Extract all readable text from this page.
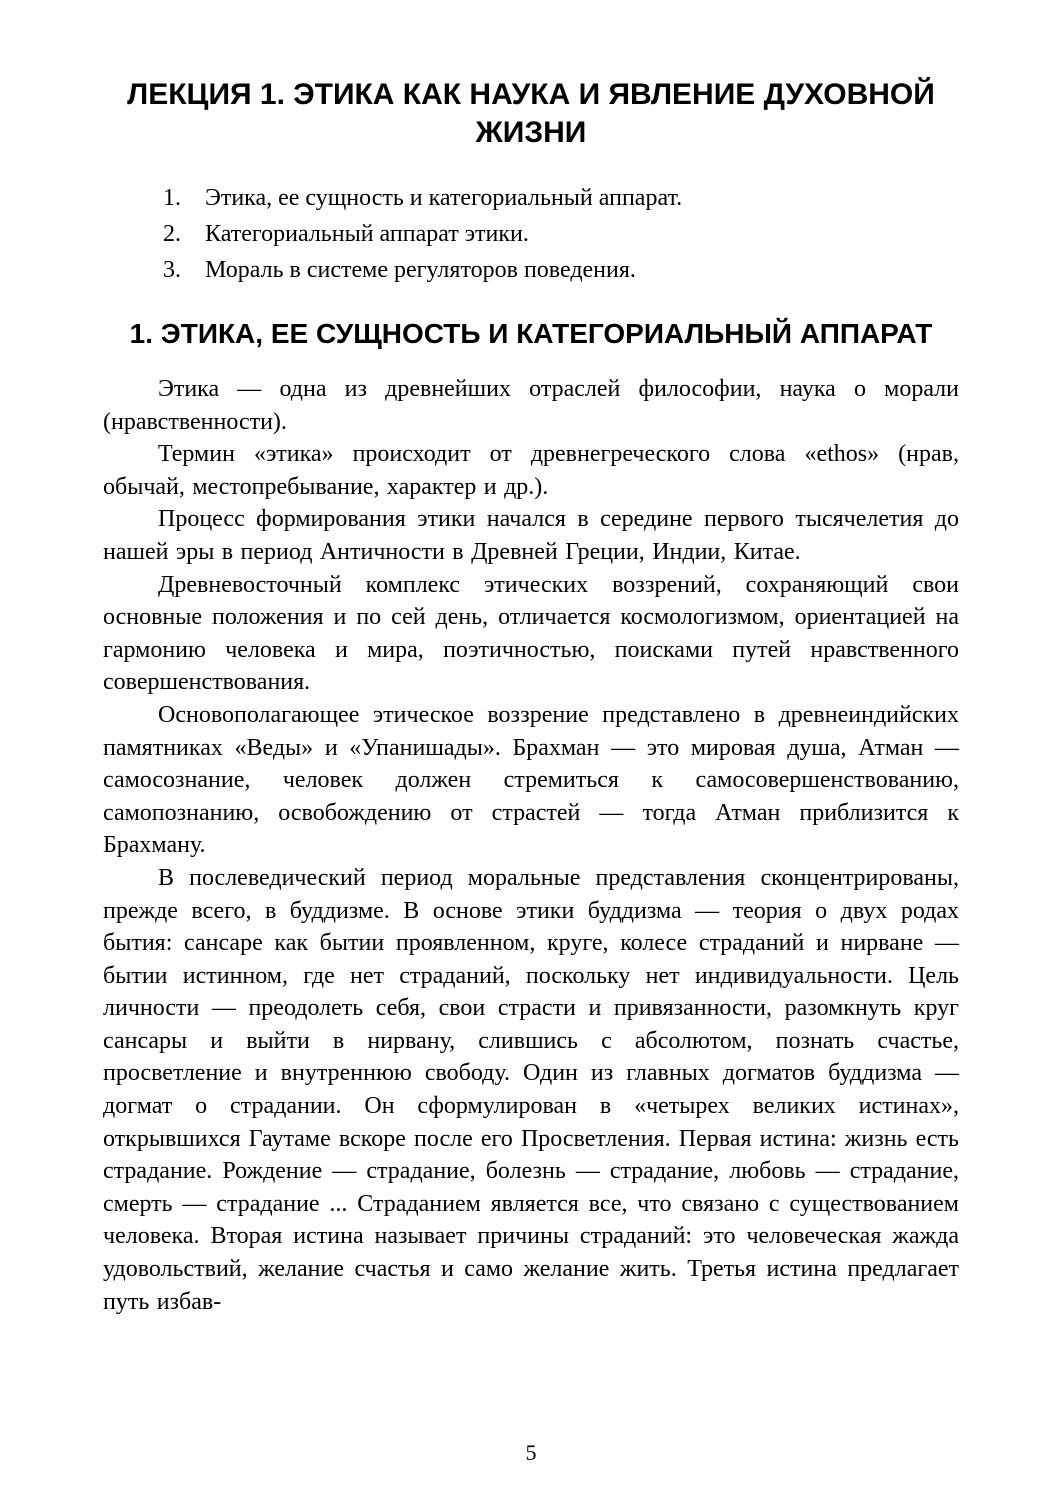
ЛЕКЦИЯ 1. ЭТИКА КАК НАУКА И ЯВЛЕНИЕ ДУХОВНОЙ ЖИЗНИ
1.	Этика, ее сущность и категориальный аппарат.
2.	Категориальный аппарат этики.
3.	Мораль в системе регуляторов поведения.
1. ЭТИКА, ЕЕ СУЩНОСТЬ И КАТЕГОРИАЛЬНЫЙ АППАРАТ

Этика — одна из древнейших отраслей философии, наука о морали (нравственности).

Термин «этика» происходит от древнегреческого слова «ethos» (нрав, обычай, местопребывание, характер и др.).

Процесс формирования этики начался в середине первого тысячелетия до нашей эры в период Античности в Древней Греции, Индии, Китае.

Древневосточный комплекс этических воззрений, сохраняющий свои основные положения и по сей день, отличается космологизмом, ориентацией на гармонию человека и мира, поэтичностью, поисками путей нравственного совершенствования.

Основополагающее этическое воззрение представлено в древнеиндийских памятниках «Веды» и «Упанишады». Брахман — это мировая душа, Атман — самосознание, человек должен стремиться к самосовершенствованию, самопознанию, освобождению от страстей — тогда Атман приблизится к Брахману.

В послеведический период моральные представления сконцентрированы, прежде всего, в буддизме. В основе этики буддизма — теория о двух родах бытия: сансаре как бытии проявленном, круге, колесе страданий и нирване — бытии истинном, где нет страданий, поскольку нет индивидуальности. Цель личности — преодолеть себя, свои страсти и привязанности, разомкнуть круг сансары и выйти в нирвану, слившись с абсолютом, познать счастье, просветление и внутреннюю свободу. Один из главных догматов буддизма — догмат о страдании. Он сформулирован в «четырех великих истинах», открывшихся Гаутаме вскоре после его Просветления. Первая истина: жизнь есть страдание. Рождение — страдание, болезнь — страдание, любовь — страдание, смерть — страдание ... Страданием является все, что связано с существованием человека. Вторая истина называет причины страданий: это человеческая жажда удовольствий, желание счастья и само желание жить. Третья истина предлагает путь избав-

5
